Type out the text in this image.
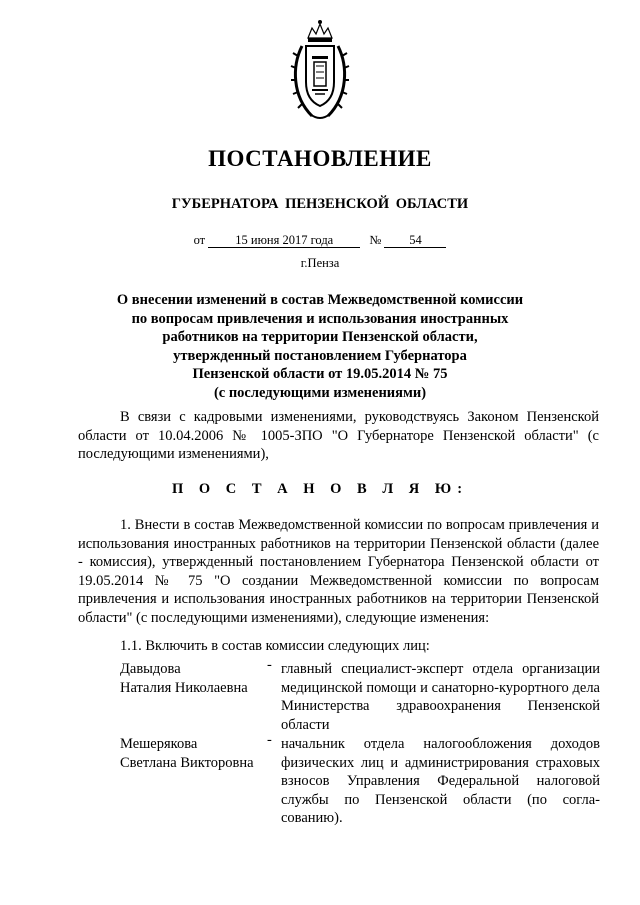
ПОСТАНОВЛЕНИЕ
ГУБЕРНАТОРА ПЕНЗЕНСКОЙ ОБЛАСТИ
от 15 июня 2017 года	№ 54
г.Пенза
О внесении изменений в состав Межведомственной комиссии
по вопросам привлечения и использования иностранных
работников на территории Пензенской области,
утвержденный постановлением Губернатора
Пензенской области от 19.05.2014 № 75
(с последующими изменениями)
В связи с кадровыми изменениями, руководствуясь Законом Пензенской области от 10.04.2006 № 1005-ЗПО "О Губернаторе Пензенской области" (с последующими изменениями),
П О С Т А Н О В Л Я Ю:
1. Внести в состав Межведомственной комиссии по вопросам привлечения и использования иностранных работников на территории Пензенской области (далее - комиссия), утвержденный постановлением Губернатора Пензенской области от 19.05.2014 № 75 "О создании Межведомственной комиссии по вопросам привлечения и использования иностранных работников на территории Пензенской области" (с последующими изменениями), следующие изменения:
1.1. Включить в состав комиссии следующих лиц:
Давыдова
Наталия Николаевна
- главный специалист-эксперт отдела организации медицинской помощи и санаторно-курортного дела Министерства здравоохранения Пензенской области
Мешерякова
Светлана Викторовна
- начальник отдела налогообложения доходов физических лиц и администрирования страховых взносов Управления Федеральной налоговой службы по Пензенской области (по согла-сованию).
